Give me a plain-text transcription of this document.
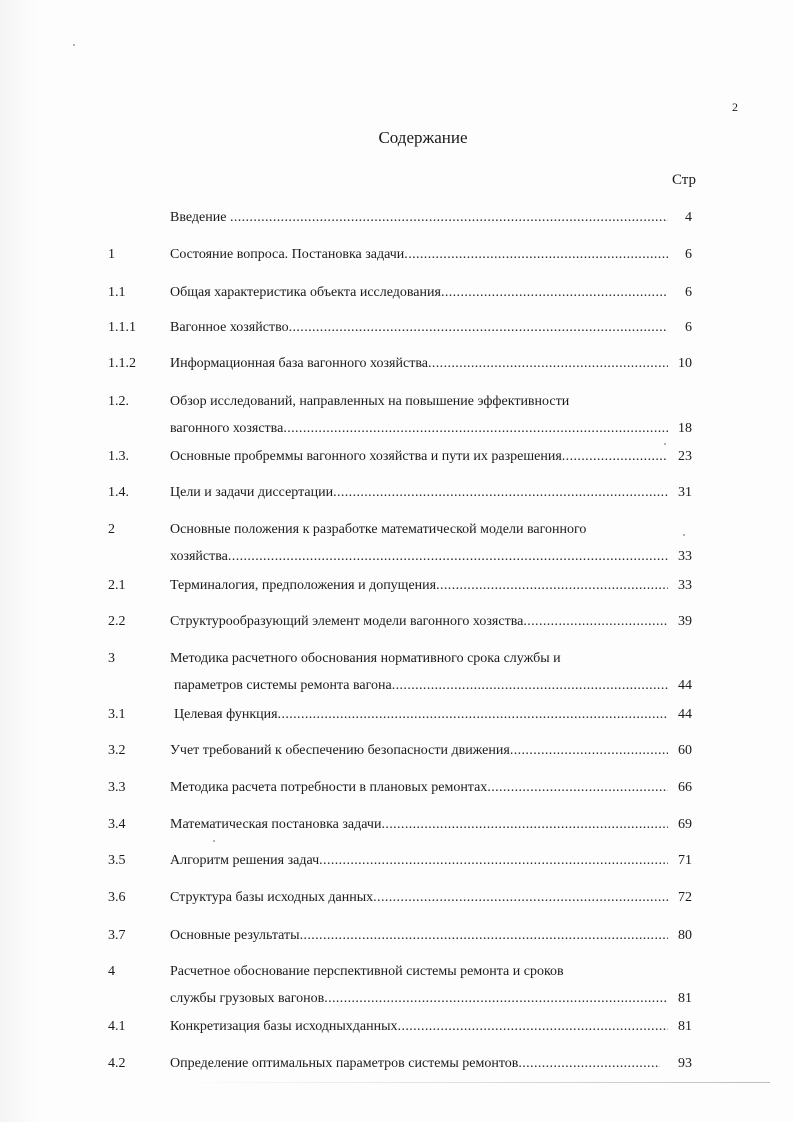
2
Содержание
Стр
Введение .....	4
1	Состояние вопроса. Постановка задачи .....	6
1.1	Общая характеристика объекта исследования .....	6
1.1.1 Вагонное хозяйство .....	6
1.1.2 Информационная база вагонного хозяйства .....	10
1.2.	Обзор исследований, направленных на повышение эффективности
вагонного хозяства .....	18
1.3.	Основные пробреммы вагонного хозяйства и пути их разрешения .....	23
1.4.	Цели и задачи диссертации .....	31
2	Основные положения к разработке математической модели вагонного
хозяйства .....	33
2.1	Терминалогия, предположения и допущения .....	33
2.2	Структурообразующий элемент модели вагонного хозяства .....	39
3	Методика расчетного обоснования нормативного срока службы и
параметров системы ремонта вагона .....	44
3.1	Целевая функция .....	44
3.2	Учет требований к обеспечению безопасности движения .....	60
3.3	Методика расчета потребности в плановых ремонтах .....	66
3.4	Математическая постановка задачи .....	69
3.5	Алгоритм решения задач .....	71
3.6	Структура базы исходных данных .....	72
3.7	Основные результаты .....	80
4	Расчетное обоснование перспективной системы ремонта и сроков
службы грузовых вагонов .....	81
4.1	Конкретизация базы исходныхданных .....	81
4.2	Определение оптимальных параметров системы ремонтов .....	93
